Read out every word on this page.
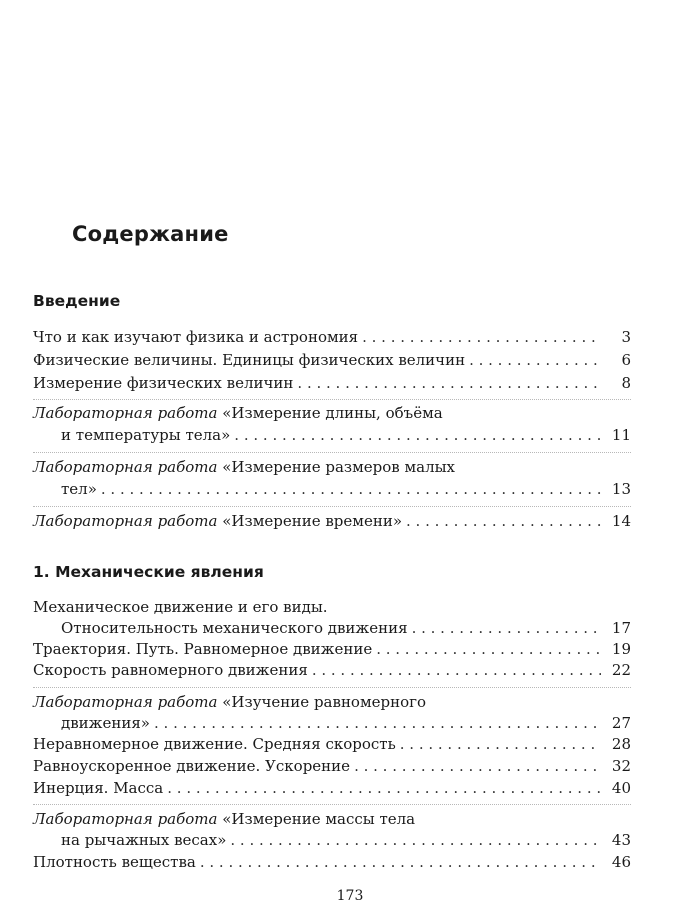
Содержание
Введение
Что и как изучают физика и астрономия . . .	3
Физические величины. Единицы физических величин . . .	6
Измерение физических величин . . .	8
Лабораторная работа «Измерение длины, объёма
и температуры тела» . . .	11
Лабораторная работа «Измерение размеров малых
тел» . . .	13
Лабораторная работа «Измерение времени» . . .	14
1. Механические явления
Механическое движение и его виды.
Относительность механического движения . . .	17
Траектория. Путь. Равномерное движение . . .	19
Скорость равномерного движения . . .	22
Лабораторная работа «Изучение равномерного
движения» . . .	27
Неравномерное движение. Средняя скорость . . .	28
Равноускоренное движение. Ускорение . . .	32
Инерция. Масса . . .	40
Лабораторная работа «Измерение массы тела
на рычажных весах» . . .	43
Плотность вещества . . .	46

173
